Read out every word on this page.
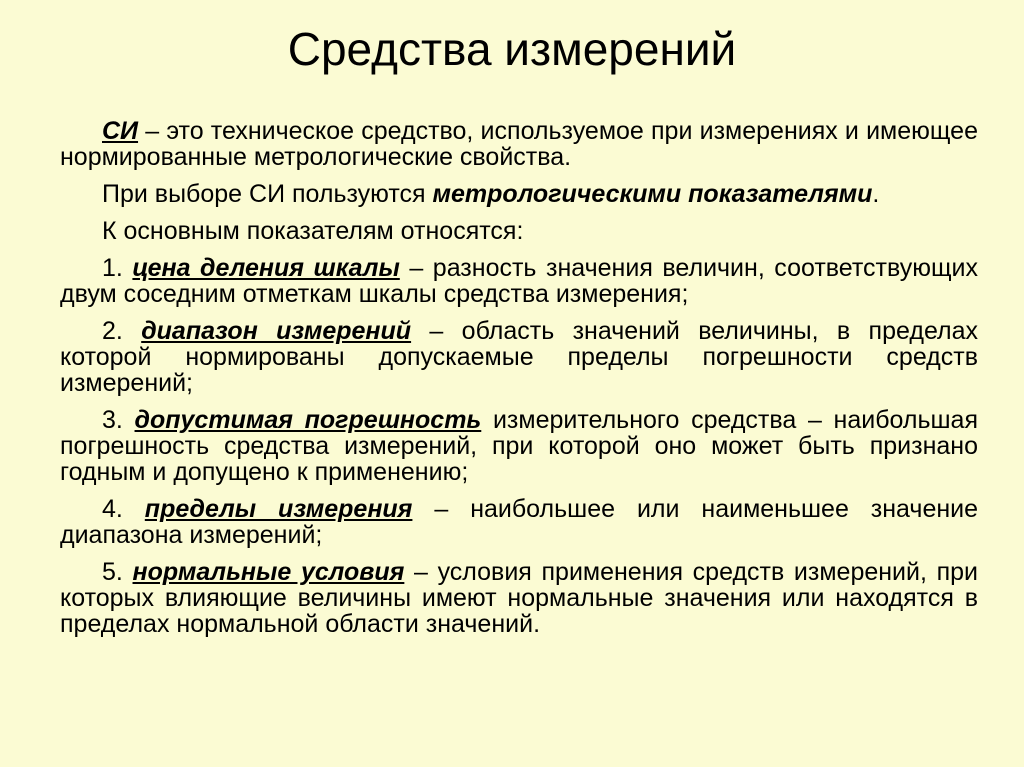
Средства измерений

СИ – это техническое средство, используемое при измерениях и имеющее нормированные метрологические свойства.

При выборе СИ пользуются метрологическими показателями.

К основным показателям относятся:

1. цена деления шкалы – разность значения величин, соответствующих двум соседним отметкам шкалы средства измерения;

2. диапазон измерений – область значений величины, в пределах которой нормированы допускаемые пределы погрешности средств измерений;

3. допустимая погрешность измерительного средства – наибольшая погрешность средства измерений, при которой оно может быть признано годным и допущено к применению;

4. пределы измерения – наибольшее или наименьшее значение диапазона измерений;

5. нормальные условия – условия применения средств измерений, при которых влияющие величины имеют нормальные значения или находятся в пределах нормальной области значений.
